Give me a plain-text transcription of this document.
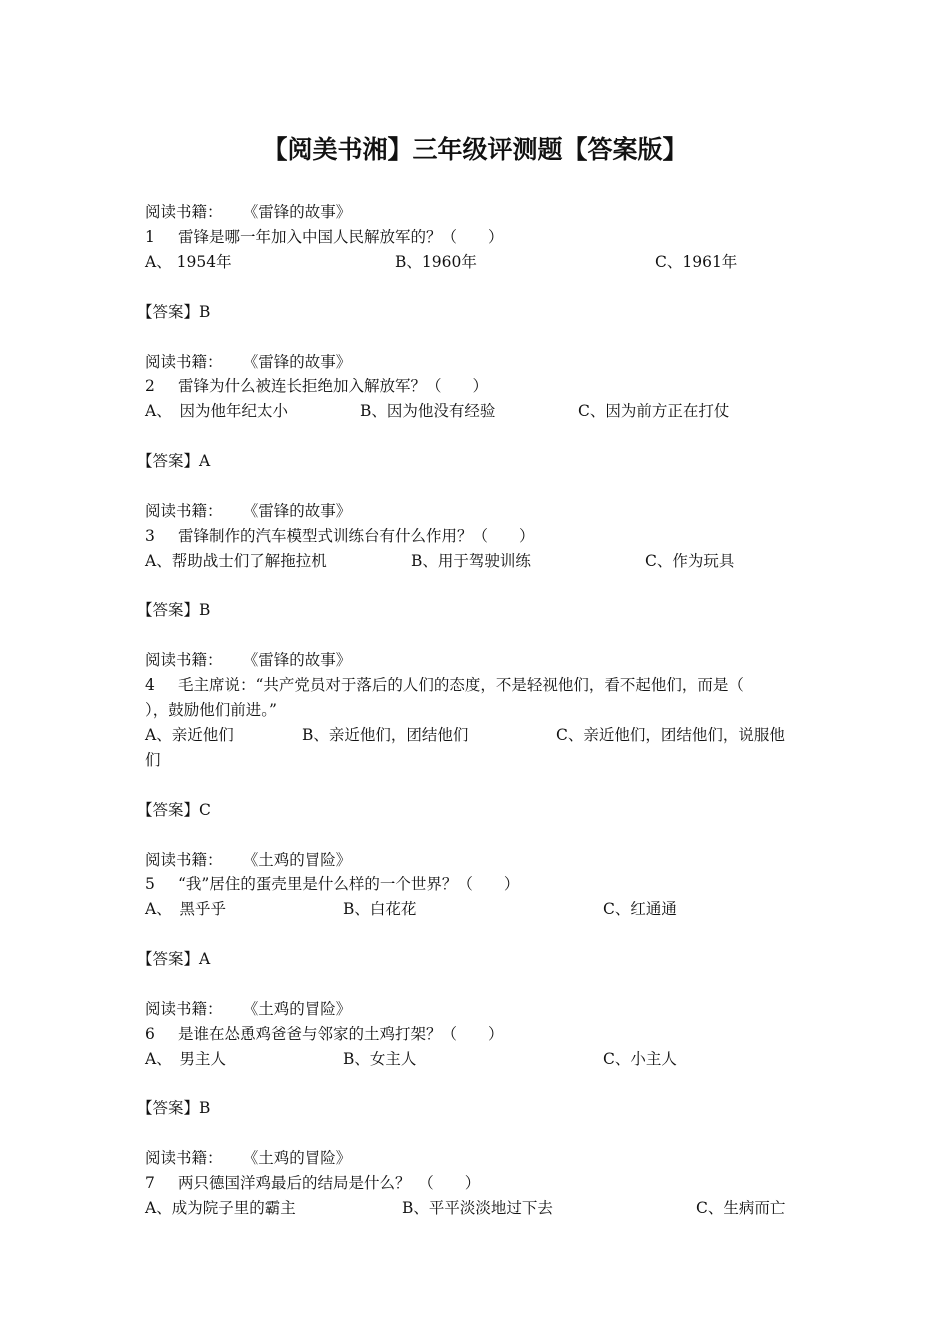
【阅美书湘】三年级评测题【答案版】
阅读书籍： 《雷锋的故事》
1 雷锋是哪一年加入中国人民解放军的？（　　）
A、 1954年	B、1960年	C、1961年
【答案】B
阅读书籍： 《雷锋的故事》
2 雷锋为什么被连长拒绝加入解放军？（　　）
A、　因为他年纪太小	B、因为他没有经验	C、因为前方正在打仗
【答案】A
阅读书籍： 《雷锋的故事》
3 雷锋制作的汽车模型式训练台有什么作用？（　　）
A、帮助战士们了解拖拉机	B、用于驾驶训练	C、作为玩具
【答案】B
阅读书籍： 《雷锋的故事》
4 毛主席说：“共产党员对于落后的人们的态度，不是轻视他们，看不起他们，而是（
），鼓励他们前进。”
A、亲近他们	B、亲近他们，团结他们	C、亲近他们，团结他们，说服他
们
【答案】C
阅读书籍： 《土鸡的冒险》
5 “我”居住的蛋壳里是什么样的一个世界？（　　）
A、　黑乎乎	B、白花花	C、红通通
【答案】A
阅读书籍： 《土鸡的冒险》
6 是谁在怂恿鸡爸爸与邻家的土鸡打架？（　　）
A、　男主人	B、女主人	C、小主人
【答案】B
阅读书籍： 《土鸡的冒险》
7 两只德国洋鸡最后的结局是什么？　（　　）
A、成为院子里的霸主	B、平平淡淡地过下去	C、生病而亡
